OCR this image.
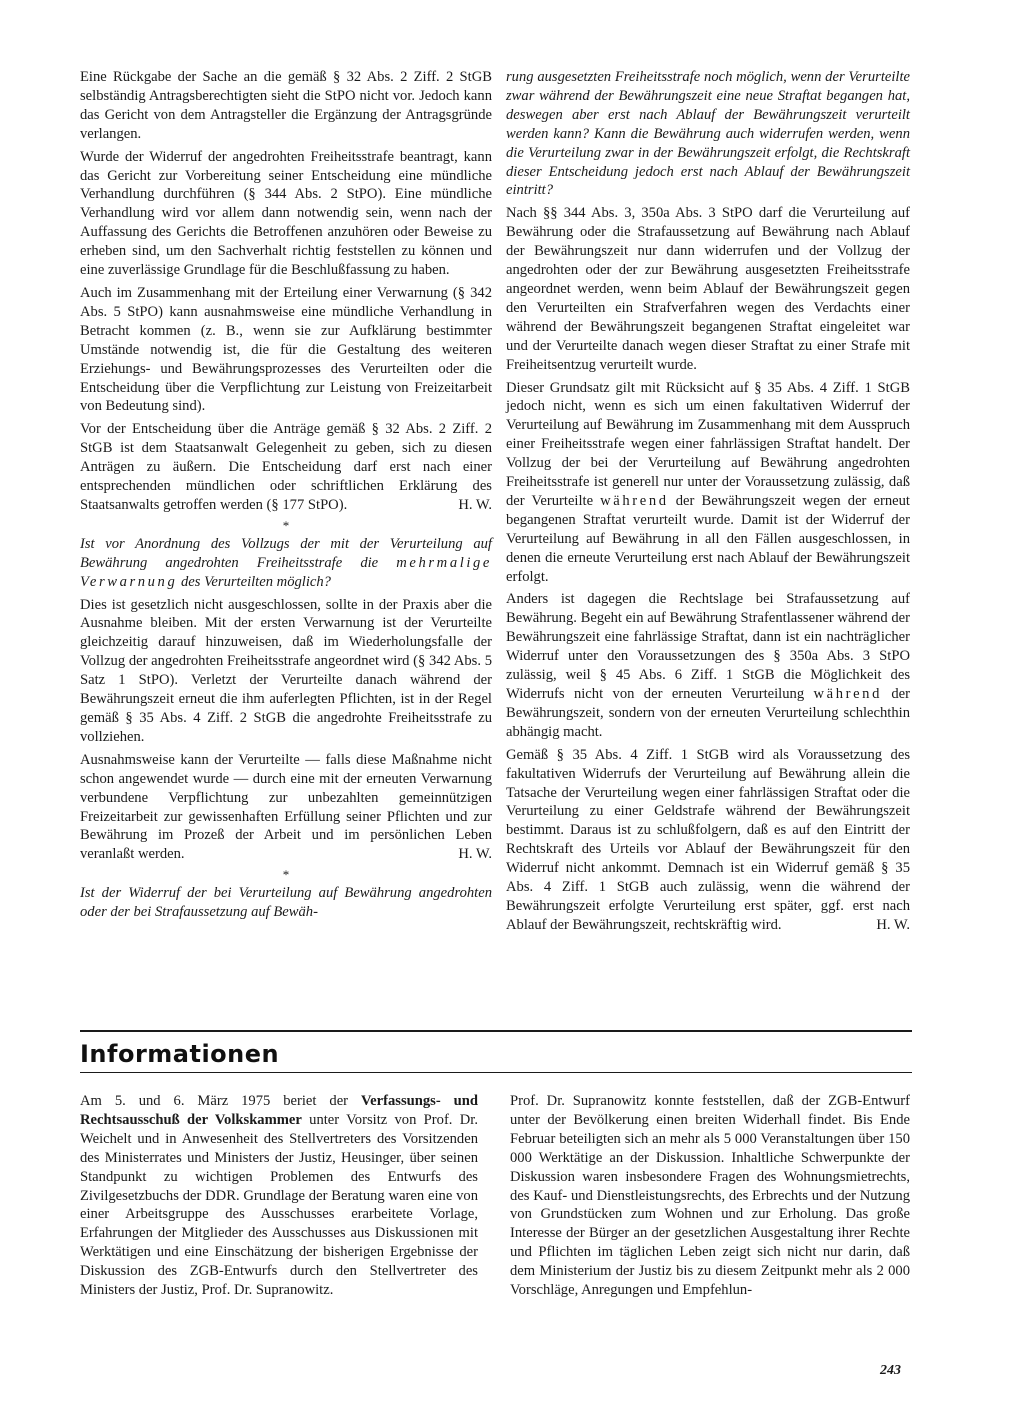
Eine Rückgabe der Sache an die gemäß § 32 Abs. 2 Ziff. 2 StGB selbständig Antragsberechtigten sieht die StPO nicht vor. Jedoch kann das Gericht von dem Antragsteller die Ergänzung der Antragsgründe verlangen.

Wurde der Widerruf der angedrohten Freiheitsstrafe beantragt, kann das Gericht zur Vorbereitung seiner Entscheidung eine mündliche Verhandlung durchführen (§ 344 Abs. 2 StPO). Eine mündliche Verhandlung wird vor allem dann notwendig sein, wenn nach der Auffassung des Gerichts die Betroffenen anzuhören oder Beweise zu erheben sind, um den Sachverhalt richtig feststellen zu können und eine zuverlässige Grundlage für die Beschlußfassung zu haben.

Auch im Zusammenhang mit der Erteilung einer Verwarnung (§ 342 Abs. 5 StPO) kann ausnahmsweise eine mündliche Verhandlung in Betracht kommen (z. B., wenn sie zur Aufklärung bestimmter Umstände notwendig ist, die für die Gestaltung des weiteren Erziehungs- und Bewährungsprozesses des Verurteilten oder die Entscheidung über die Verpflichtung zur Leistung von Freizeitarbeit von Bedeutung sind).

Vor der Entscheidung über die Anträge gemäß § 32 Abs. 2 Ziff. 2 StGB ist dem Staatsanwalt Gelegenheit zu geben, sich zu diesen Anträgen zu äußern. Die Entscheidung darf erst nach einer entsprechenden mündlichen oder schriftlichen Erklärung des Staatsanwalts getroffen werden (§ 177 StPO).	H. W.

*

Ist vor Anordnung des Vollzugs der mit der Verurteilung auf Bewährung angedrohten Freiheitsstrafe die mehrmalige Verwarnung des Verurteilten möglich?

Dies ist gesetzlich nicht ausgeschlossen, sollte in der Praxis aber die Ausnahme bleiben. Mit der ersten Verwarnung ist der Verurteilte gleichzeitig darauf hinzuweisen, daß im Wiederholungsfalle der Vollzug der angedrohten Freiheitsstrafe angeordnet wird (§ 342 Abs. 5 Satz 1 StPO). Verletzt der Verurteilte danach während der Bewährungszeit erneut die ihm auferlegten Pflichten, ist in der Regel gemäß § 35 Abs. 4 Ziff. 2 StGB die angedrohte Freiheitsstrafe zu vollziehen.

Ausnahmsweise kann der Verurteilte — falls diese Maßnahme nicht schon angewendet wurde — durch eine mit der erneuten Verwarnung verbundene Verpflichtung zur unbezahlten gemeinnützigen Freizeitarbeit zur gewissenhaften Erfüllung seiner Pflichten und zur Bewährung im Prozeß der Arbeit und im persönlichen Leben veranlaßt werden.	H. W.

*

Ist der Widerruf der bei Verurteilung auf Bewährung angedrohten oder der bei Strafaussetzung auf Bewäh-

rung ausgesetzten Freiheitsstrafe noch möglich, wenn der Verurteilte zwar während der Bewährungszeit eine neue Straftat begangen hat, deswegen aber erst nach Ablauf der Bewährungszeit verurteilt werden kann? Kann die Bewährung auch widerrufen werden, wenn die Verurteilung zwar in der Bewährungszeit erfolgt, die Rechtskraft dieser Entscheidung jedoch erst nach Ablauf der Bewährungszeit eintritt?

Nach §§ 344 Abs. 3, 350a Abs. 3 StPO darf die Verurteilung auf Bewährung oder die Strafaussetzung auf Bewährung nach Ablauf der Bewährungszeit nur dann widerrufen und der Vollzug der angedrohten oder der zur Bewährung ausgesetzten Freiheitsstrafe angeordnet werden, wenn beim Ablauf der Bewährungszeit gegen den Verurteilten ein Strafverfahren wegen des Verdachts einer während der Bewährungszeit begangenen Straftat eingeleitet war und der Verurteilte danach wegen dieser Straftat zu einer Strafe mit Freiheitsentzug verurteilt wurde.

Dieser Grundsatz gilt mit Rücksicht auf § 35 Abs. 4 Ziff. 1 StGB jedoch nicht, wenn es sich um einen fakultativen Widerruf der Verurteilung auf Bewährung im Zusammenhang mit dem Ausspruch einer Freiheitsstrafe wegen einer fahrlässigen Straftat handelt. Der Vollzug der bei der Verurteilung auf Bewährung angedrohten Freiheitsstrafe ist generell nur unter der Voraussetzung zulässig, daß der Verurteilte während der Bewährungszeit wegen der erneut begangenen Straftat verurteilt wurde. Damit ist der Widerruf der Verurteilung auf Bewährung in all den Fällen ausgeschlossen, in denen die erneute Verurteilung erst nach Ablauf der Bewährungszeit erfolgt.

Anders ist dagegen die Rechtslage bei Strafaussetzung auf Bewährung. Begeht ein auf Bewährung Strafentlassener während der Bewährungszeit eine fahrlässige Straftat, dann ist ein nachträglicher Widerruf unter den Voraussetzungen des § 350a Abs. 3 StPO zulässig, weil § 45 Abs. 6 Ziff. 1 StGB die Möglichkeit des Widerrufs nicht von der erneuten Verurteilung während der Bewährungszeit, sondern von der erneuten Verurteilung schlechthin abhängig macht.

Gemäß § 35 Abs. 4 Ziff. 1 StGB wird als Voraussetzung des fakultativen Widerrufs der Verurteilung auf Bewährung allein die Tatsache der Verurteilung wegen einer fahrlässigen Straftat oder die Verurteilung zu einer Geldstrafe während der Bewährungszeit bestimmt. Daraus ist zu schlußfolgern, daß es auf den Eintritt der Rechtskraft des Urteils vor Ablauf der Bewährungszeit für den Widerruf nicht ankommt. Demnach ist ein Widerruf gemäß § 35 Abs. 4 Ziff. 1 StGB auch zulässig, wenn die während der Bewährungszeit erfolgte Verurteilung erst später, ggf. erst nach Ablauf der Bewährungszeit, rechtskräftig wird.	H. W.

Informationen

Am 5. und 6. März 1975 beriet der Verfassungs- und Rechtsausschuß der Volkskammer unter Vorsitz von Prof. Dr. Weichelt und in Anwesenheit des Stellvertreters des Vorsitzenden des Ministerrates und Ministers der Justiz, Heusinger, über seinen Standpunkt zu wichtigen Problemen des Entwurfs des Zivilgesetzbuchs der DDR. Grundlage der Beratung waren eine von einer Arbeitsgruppe des Ausschusses erarbeitete Vorlage, Erfahrungen der Mitglieder des Ausschusses aus Diskussionen mit Werktätigen und eine Einschätzung der bisherigen Ergebnisse der Diskussion des ZGB-Entwurfs durch den Stellvertreter des Ministers der Justiz, Prof. Dr. Supranowitz.

Prof. Dr. Supranowitz konnte feststellen, daß der ZGB-Entwurf unter der Bevölkerung einen breiten Widerhall findet. Bis Ende Februar beteiligten sich an mehr als 5 000 Veranstaltungen über 150 000 Werktätige an der Diskussion. Inhaltliche Schwerpunkte der Diskussion waren insbesondere Fragen des Wohnungsmietrechts, des Kauf- und Dienstleistungsrechts, des Erbrechts und der Nutzung von Grundstücken zum Wohnen und zur Erholung. Das große Interesse der Bürger an der gesetzlichen Ausgestaltung ihrer Rechte und Pflichten im täglichen Leben zeigt sich nicht nur darin, daß dem Ministerium der Justiz bis zu diesem Zeitpunkt mehr als 2 000 Vorschläge, Anregungen und Empfehlun-

243
